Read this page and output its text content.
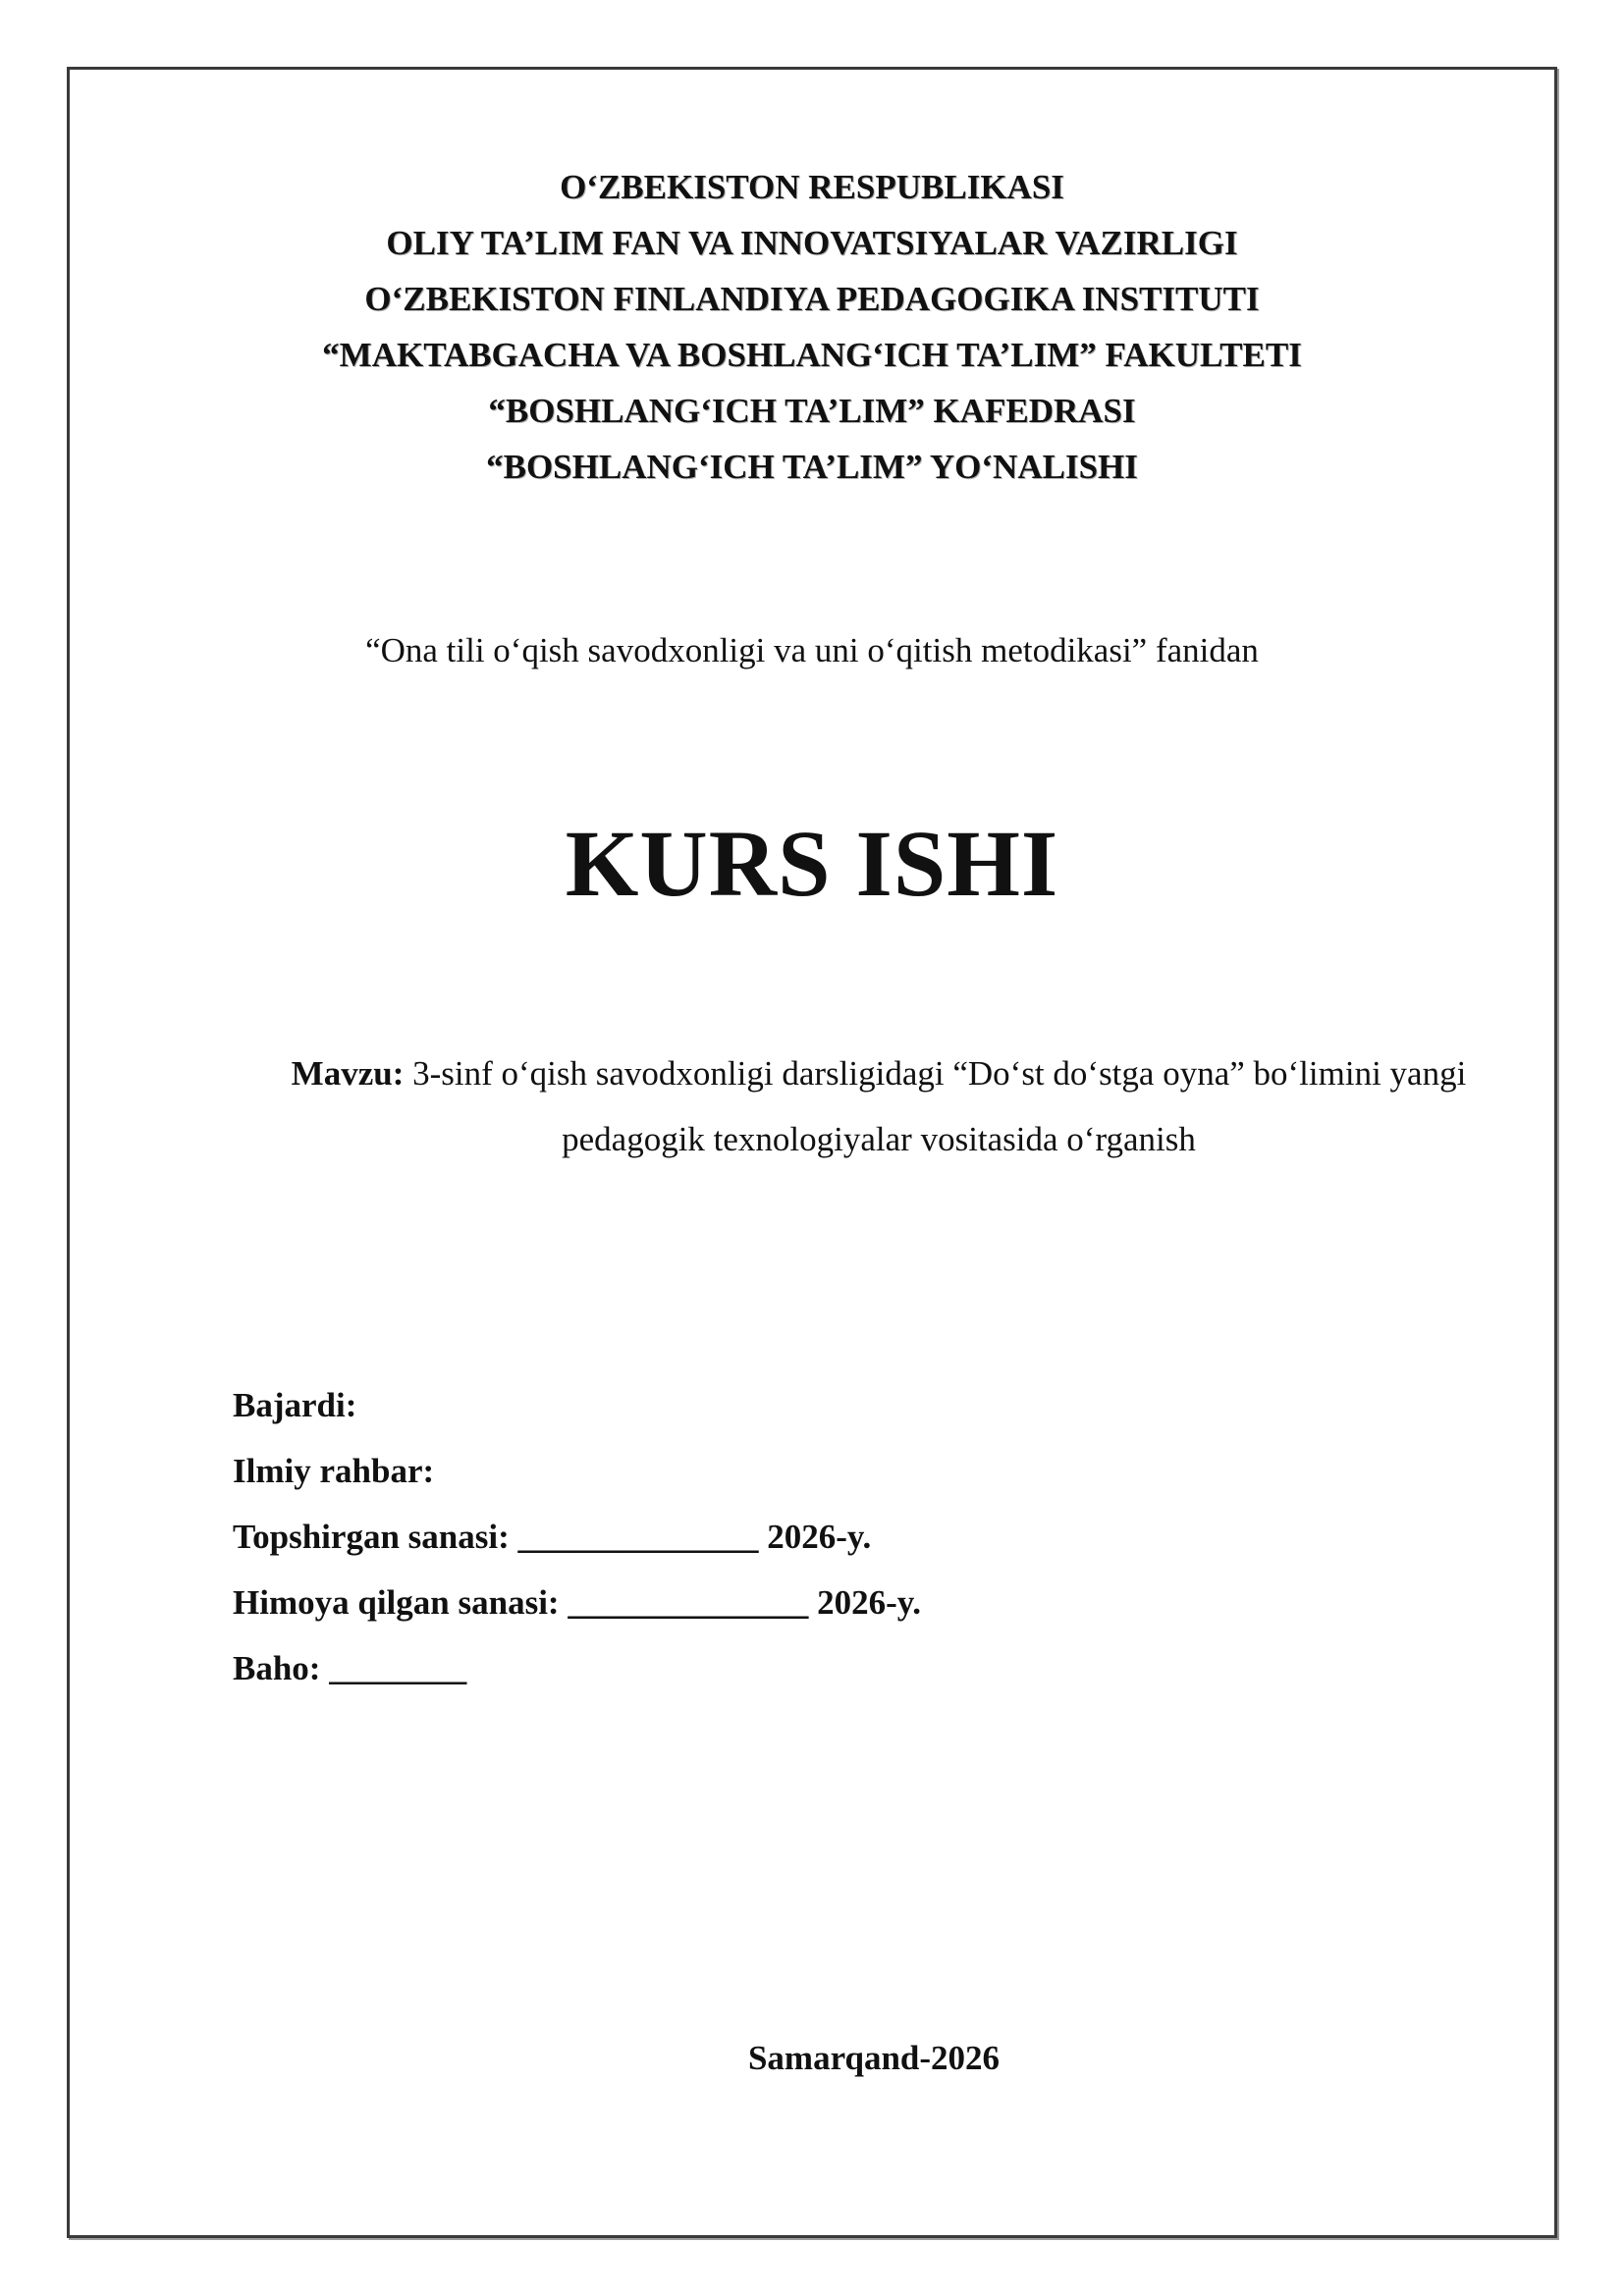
O‘ZBEKISTON RESPUBLIKASI
OLIY TA’LIM FAN VA INNOVATSIYALAR VAZIRLIGI
O‘ZBEKISTON FINLANDIYA PEDAGOGIKA INSTITUTI
“MAKTABGACHA VA BOSHLANG‘ICH TA’LIM” FAKULTETI
“BOSHLANG‘ICH TA’LIM” KAFEDRASI
“BOSHLANG‘ICH TA’LIM” YO‘NALISHI
“Ona tili o‘qish savodxonligi va uni o‘qitish metodikasi” fanidan
KURS ISHI
Mavzu: 3-sinf o‘qish savodxonligi darsligidagi “Do‘st do‘stga oyna” bo‘limini yangi pedagogik texnologiyalar vositasida o‘rganish
Bajardi:
Ilmiy rahbar:
Topshirgan sanasi: ______________ 2026-y.
Himoya qilgan sanasi: ______________ 2026-y.
Baho: ________
Samarqand-2026
